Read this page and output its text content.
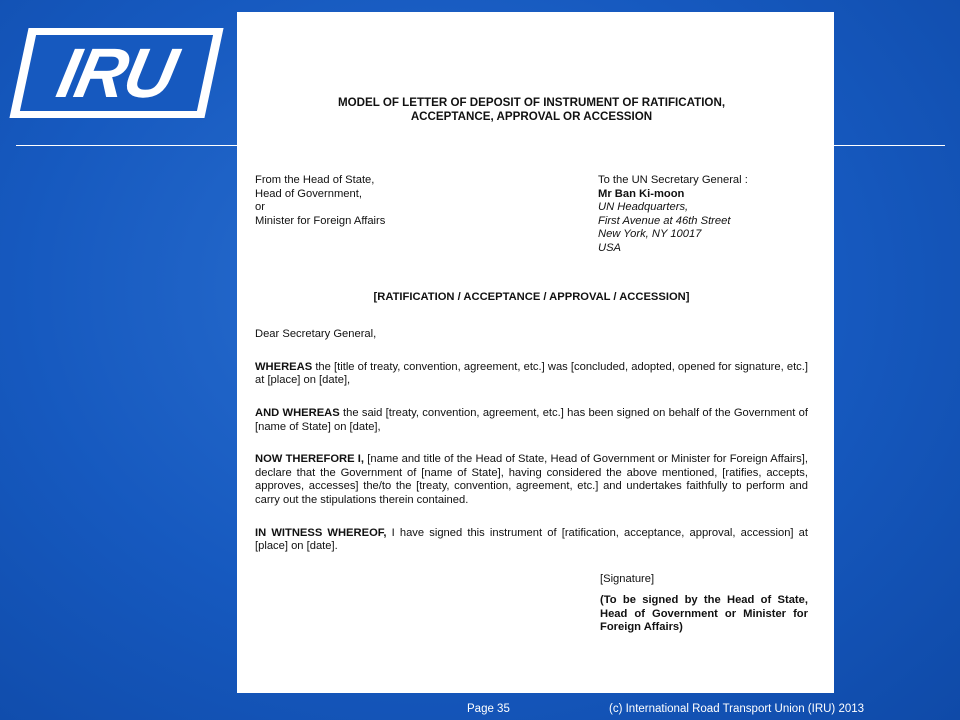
IRU	MODEL OF LETTER OF DEPOSIT OF INSTRUMENT OF RATIFICATION,
ACCEPTANCE, APPROVAL OR ACCESSION
From the Head of State,
Head of Government,
or
Minister for Foreign Affairs
To the UN Secretary General :
Mr Ban Ki-moon
UN Headquarters,
First Avenue at 46th Street
New York, NY 10017
USA
[RATIFICATION / ACCEPTANCE / APPROVAL / ACCESSION]
Dear Secretary General,
WHEREAS the [title of treaty, convention, agreement, etc.] was [concluded, adopted, opened for signature, etc.] at [place] on [date],
AND WHEREAS the said [treaty, convention, agreement, etc.] has been signed on behalf of the Government of [name of State] on [date],
NOW THEREFORE I, [name and title of the Head of State, Head of Government or Minister for Foreign Affairs], declare that the Government of [name of State], having considered the above mentioned, [ratifies, accepts, approves, accesses] the/to the [treaty, convention, agreement, etc.] and undertakes faithfully to perform and carry out the stipulations therein contained.
IN WITNESS WHEREOF, I have signed this instrument of [ratification, acceptance, approval, accession] at [place] on [date].
[Signature]
(To be signed by the Head of State, Head of Government or Minister for Foreign Affairs)
Page 35	(c) International Road Transport Union (IRU) 2013
